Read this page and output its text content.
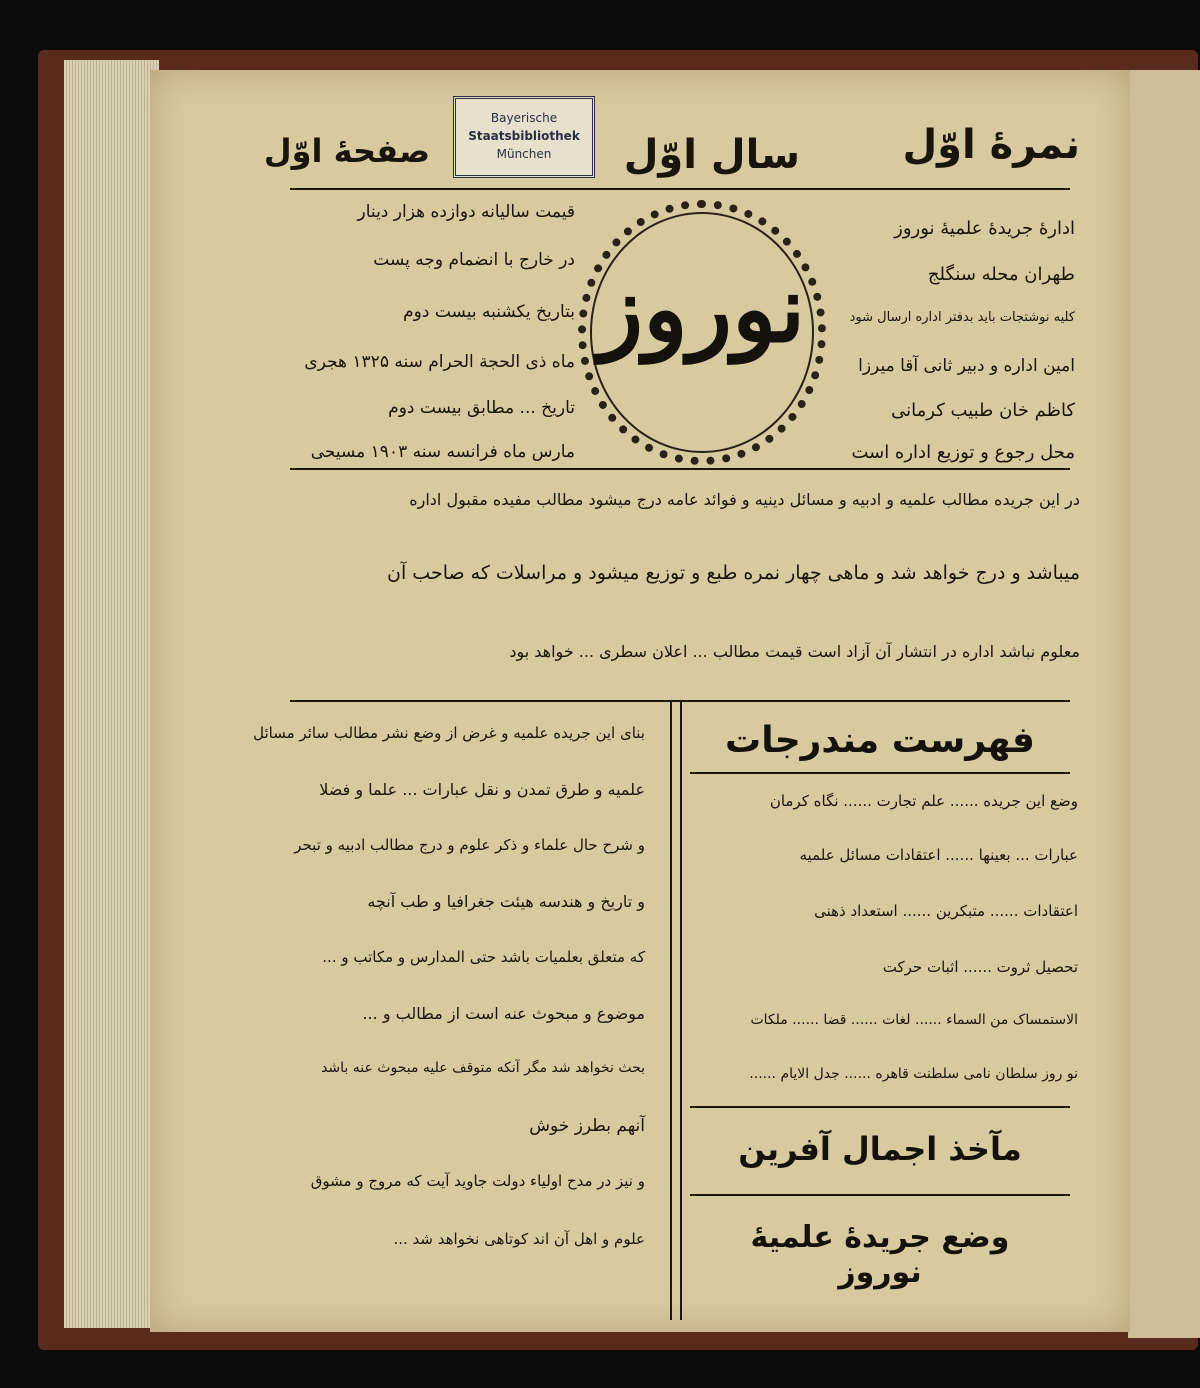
نمرۀ اوّل
سال اوّل
صفحۀ اوّل
قیمت سالیانه دوازده هزار دینار
در خارج با انضمام وجه پست
بتاریخ یکشنبه بیست دوم
ماه ذی الحجة الحرام سنه ۱۳۲۵ هجری
تاریخ ... مطابق بیست دوم
مارس ماه فرانسه سنه ۱۹۰۳ مسیحی
ادارۀ جریدۀ علمیۀ نوروز
طهران محله سنگلج
کلیه نوشتجات باید بدفتر اداره ارسال شود
امین اداره و دبیر ثانی آقا میرزا
کاظم خان طبیب کرمانی
محل رجوع و توزیع اداره است
در این جریده مطالب علمیه و ادبیه و مسائل دینیه و فوائد عامه درج میشود مطالب مفیده مقبول اداره
میباشد و درج خواهد شد و ماهی چهار نمره طبع و توزیع میشود و مراسلات که صاحب آن
معلوم نباشد اداره در انتشار آن آزاد است قیمت مطالب ... اعلان سطری ... خواهد بود
فهرست مندرجات
وضع این جریده ...... علم تجارت ...... نگاه کرمان
عبارات ... بعینها ...... اعتقادات مسائل علمیه
اعتقادات ...... متبکرین ...... استعداد ذهنی
تحصیل ثروت ...... اثبات حرکت
الاستمساک من السماء ...... لغات ...... قضا ...... ملکات
نو روز سلطان نامی سلطنت قاهره ...... جدل الایام ......
مآخذ اجمال آفرین
وضع جریدۀ علمیۀ نوروز
بنای این جریده علمیه و غرض از وضع نشر مطالب سائر مسائل
علمیه و طرق تمدن و نقل عبارات ... علما و فضلا
و شرح حال علماء و ذکر علوم و درج مطالب ادبیه و تبحر
و تاریخ و هندسه هیئت جغرافیا و طب آنچه
که متعلق بعلمیات باشد حتی المدارس و مکاتب و ...
موضوع و مبحوث عنه است از مطالب و ...
بحث نخواهد شد مگر آنکه متوقف علیه مبحوث عنه باشد
آنهم بطرز خوش
و نیز در مدح اولیاء دولت جاوید آیت که مروج و مشوق
علوم و اهل آن اند کوتاهی نخواهد شد ...
Bayerische
Staatsbibliothek
München
نوروز
